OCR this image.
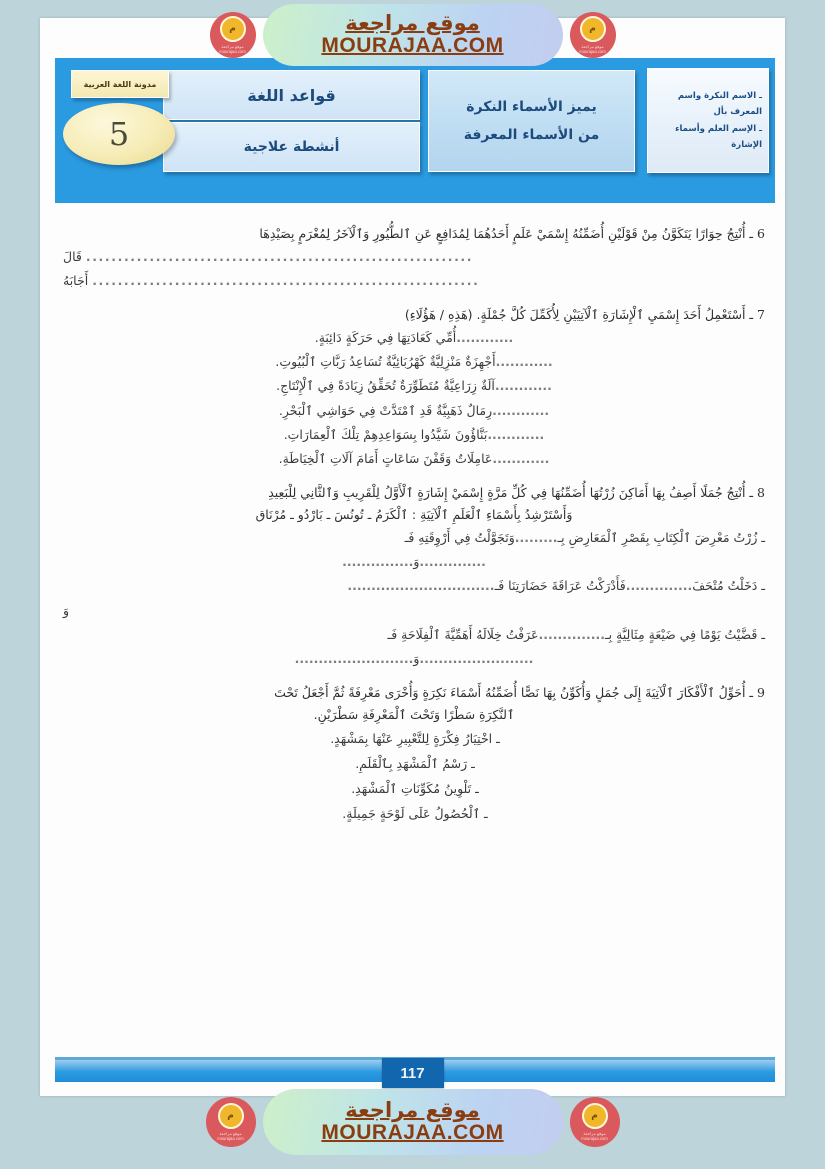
ـ الاسم النكرة واسم المعرف بأل
ـ الإسم العلم وأسماء الإشارة
يميز الأسماء النكرة
من الأسماء المعرفة
قواعد اللغة
أنشطة علاجية
مدونة اللغة العربية
5
6 ـ أُنْتِجُ حِوَارًا يَتَكَوَّنُ مِنْ قَوْلَيْنِ أُضَمِّنُهُ إِسْمَيْ عَلَمٍ أَحَدُهُمَا لِمُدَافِعٍ عَنِ ٱلطُّيُورِ وَٱلْآخَرُ لِمُغْرَمٍ بِصَيْدِهَا
............................................................. قَالَ
............................................................. أَجَابَهُ
7 ـ أَسْتَعْمِلُ أَحَدَ إِسْمَيِ ٱلْإِشَارَةِ ٱلْآتِيَيْنِ لِأُكَمِّلَ كُلَّ جُمْلَةٍ. (هَذِهِ / هَؤُلَاءِ)
............أُمِّي كَعَادَتِهَا فِي حَرَكَةٍ دَائِبَةٍ.
............أَجْهِزَةٌ مَنْزِلِيَّةٌ كَهْرُبَائِيَّةٌ تُسَاعِدُ رَبَّاتِ ٱلْبُيُوتِ.
............آلَةٌ زِرَاعِيَّةٌ مُتَطَوِّرَةٌ تُحَقِّقُ زِيَادَةً فِي ٱلْإِنْتَاجِ.
............رِمَالٌ ذَهَبِيَّةٌ قَدِ ٱمْتَدَّتْ فِي حَوَاشِي ٱلْبَحْرِ.
............بَنَّاؤُونَ شَيَّدُوا بِسَوَاعِدِهِمْ تِلْكَ ٱلْعِمَارَاتِ.
............عَامِلَاتٌ وَقَفْنَ سَاعَاتٍ أَمَامَ آلَاتِ ٱلْخِيَاطَةِ.
8 ـ أُنْتِجُ جُمَلًا أَصِفُ بِهَا أَمَاكِنَ زُرْتُهَا أُضَمِّنُهَا فِي كُلِّ مَرَّةٍ إِسْمَيْ إِشَارَةٍ ٱلْأَوَّلُ لِلْقَرِيبِ وَٱلثَّانِي لِلْبَعِيدِ
وَأَسْتَرْشِدُ بِأَسْمَاءِ ٱلْعَلَمِ ٱلْآتِيَةِ : ٱلْكَرَمُ ـ تُونُسَ ـ بَارْدُو ـ مُرْنَاق
ـ زُرْتُ مَعْرِضَ ٱلْكِتَابِ بِقَصْرِ ٱلْمَعَارِضِ بِـ.........وَتَجَوَّلْتُ فِي أَرْوِقَتِهِ فَـ
..............وَ...............
ـ دَخَلْتُ مُتْحَفَ..............فَأَدْرَكْتُ عَرَاقَةَ حَضَارَتِنَا فَـ...............................
وَ
ـ قَضَّيْتُ يَوْمًا فِي ضَيْعَةٍ مِثَالِيَّةٍ بِـ..............عَرَفْتُ خِلَالَهُ أَهَمِّيَّةَ ٱلْفِلَاحَةِ فَـ
........................وَ.........................
9 ـ أُحَوِّلُ ٱلْأَفْكَارَ ٱلْآتِيَةَ إِلَى جُمَلٍ وَأُكَوِّنُ بِهَا نَصًّا أُضَمِّنُهُ أَسْمَاءَ نَكِرَةٍ وَأُخْرَى مَعْرِفَةً ثُمَّ أَجْعَلُ تَحْتَ
ٱلنَّكِرَةِ سَطْرًا وَتَحْتَ ٱلْمَعْرِفَةِ سَطْرَيْنِ.
ـ اخْتِيَارُ فِكْرَةٍ لِلتَّعْبِيرِ عَنْهَا بِمَشْهَدٍ.
ـ رَسْمُ ٱلْمَشْهَدِ بِٱلْقَلَمِ.
ـ تَلْوِينُ مُكَوِّنَاتِ ٱلْمَشْهَدِ.
ـ ٱلْحُصُولُ عَلَى لَوْحَةٍ جَمِيلَةٍ.
117
م
موقع مراجعة mourajaa.com
موقع مراجعة
MOURAJAA.COM
م
موقع مراجعة mourajaa.com
م
موقع مراجعة mourajaa.com
موقع مراجعة
MOURAJAA.COM
م
موقع مراجعة mourajaa.com
